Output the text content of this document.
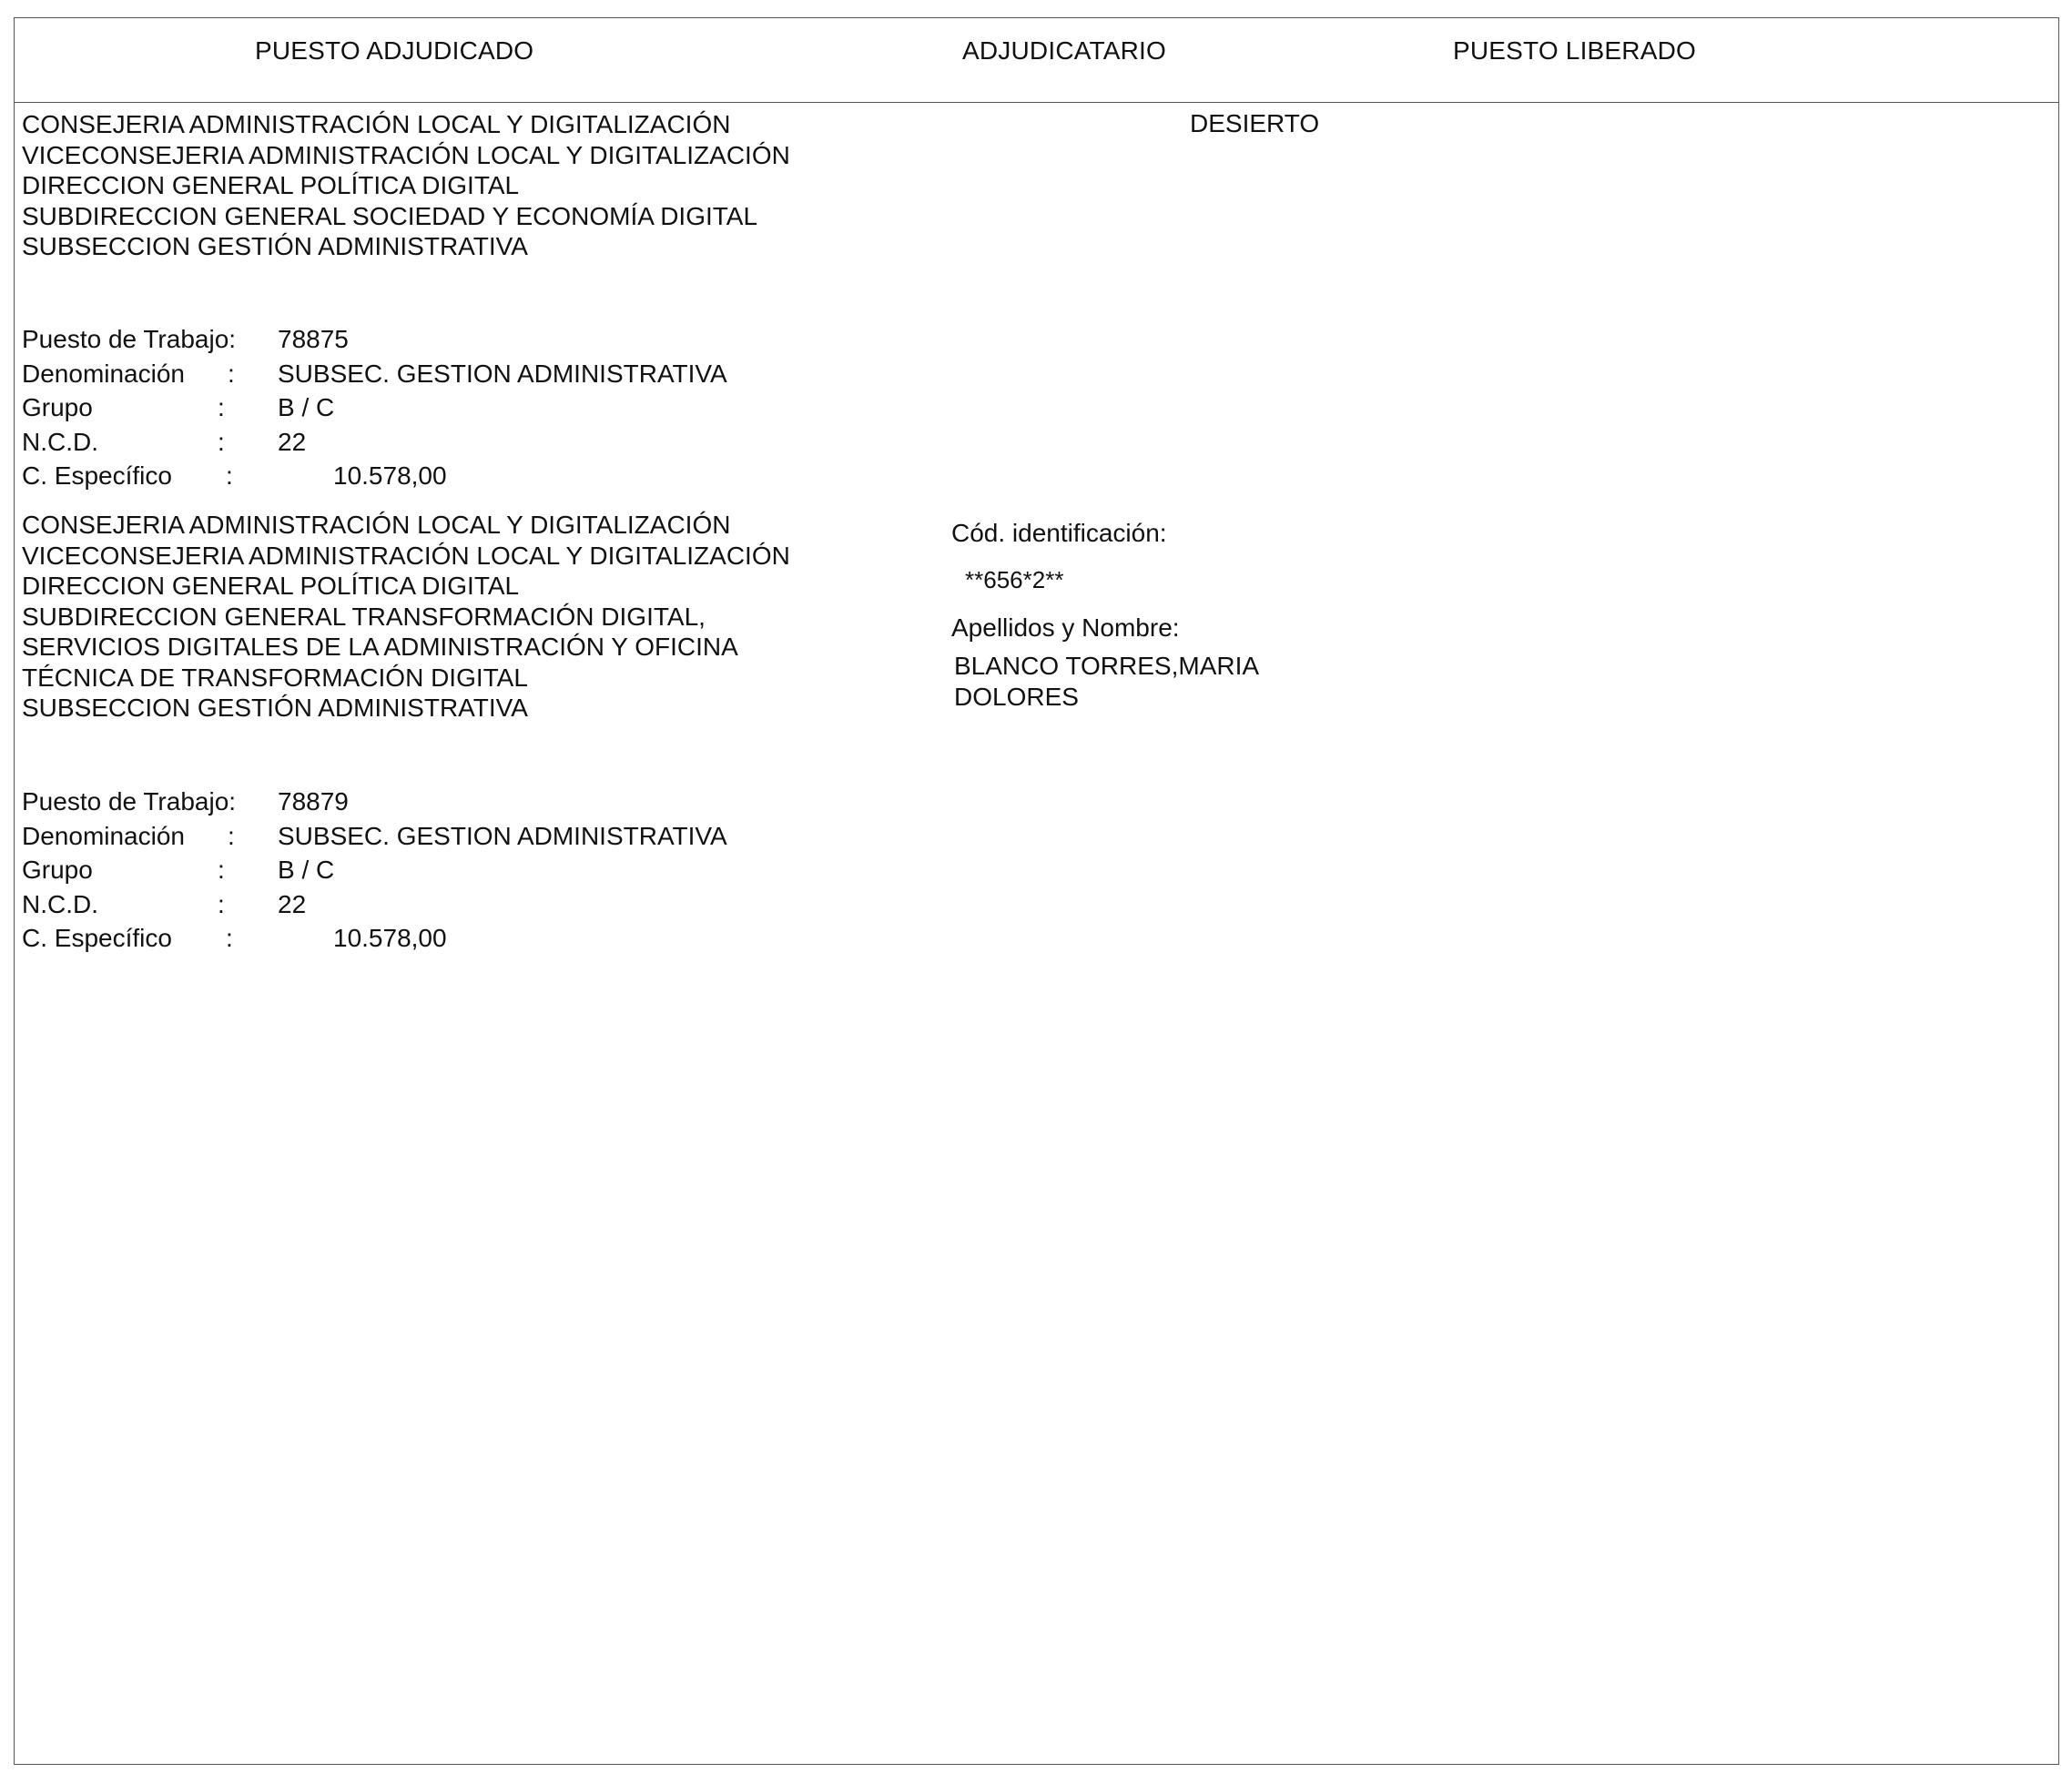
PUESTO ADJUDICADO	ADJUDICATARIO	PUESTO LIBERADO
CONSEJERIA ADMINISTRACIÓN LOCAL Y DIGITALIZACIÓN
VICECONSEJERIA ADMINISTRACIÓN LOCAL Y DIGITALIZACIÓN
DIRECCION GENERAL POLÍTICA DIGITAL
SUBDIRECCION GENERAL SOCIEDAD Y ECONOMÍA DIGITAL
SUBSECCION GESTIÓN ADMINISTRATIVA
Puesto de Trabajo: 78875
Denominación : SUBSEC. GESTION ADMINISTRATIVA
Grupo	: B / C
N.C.D.	: 22
C. Específico :	10.578,00
DESIERTO
CONSEJERIA ADMINISTRACIÓN LOCAL Y DIGITALIZACIÓN
VICECONSEJERIA ADMINISTRACIÓN LOCAL Y DIGITALIZACIÓN
DIRECCION GENERAL POLÍTICA DIGITAL
SUBDIRECCION GENERAL TRANSFORMACIÓN DIGITAL,
SERVICIOS DIGITALES DE LA ADMINISTRACIÓN Y OFICINA
TÉCNICA DE TRANSFORMACIÓN DIGITAL
SUBSECCION GESTIÓN ADMINISTRATIVA
Puesto de Trabajo: 78879
Denominación : SUBSEC. GESTION ADMINISTRATIVA
Grupo	: B / C
N.C.D.	: 22
C. Específico :	10.578,00
Cód. identificación:
**656*2**
Apellidos y Nombre:
BLANCO TORRES,MARIA
DOLORES
